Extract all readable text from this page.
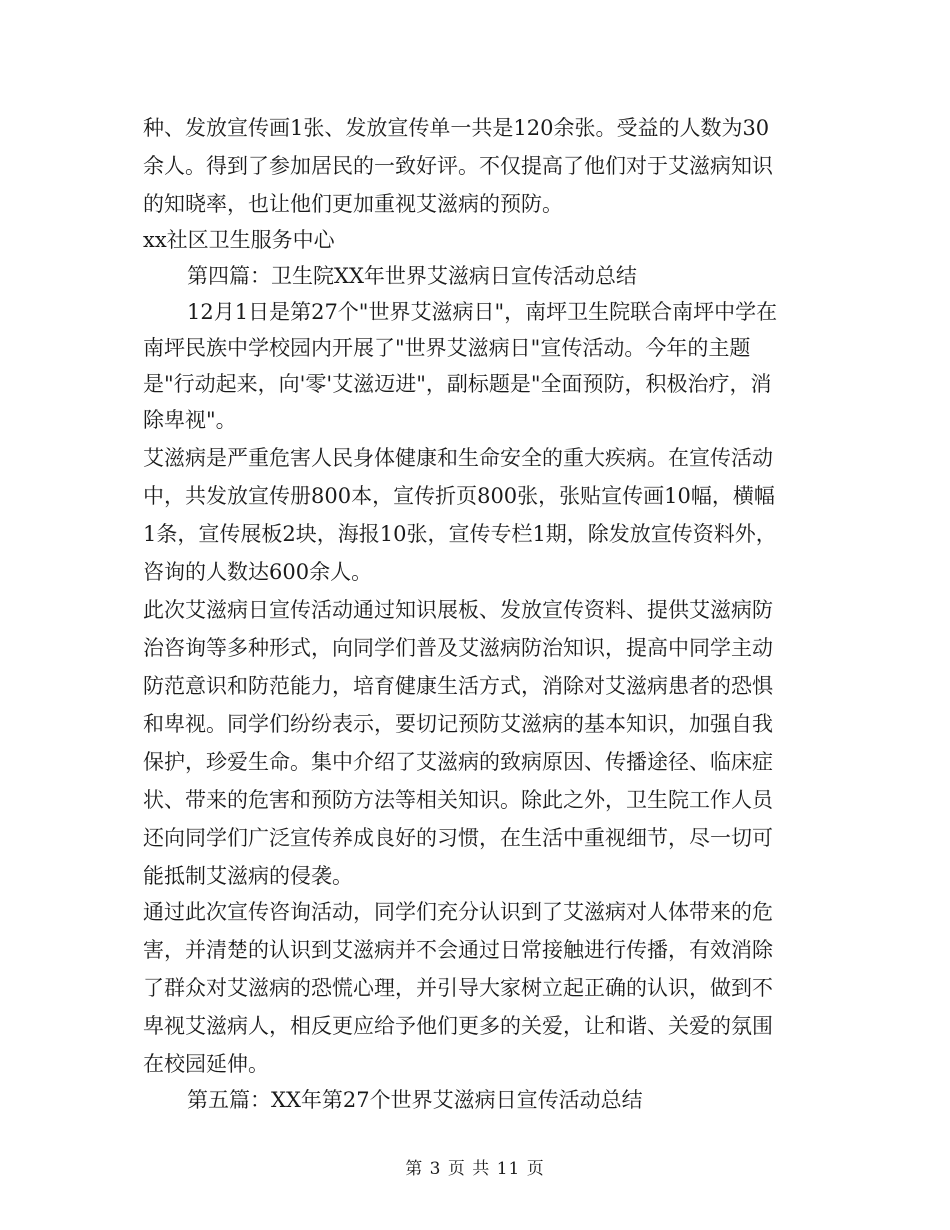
种、发放宣传画1张、发放宣传单一共是120余张。受益的人数为30
余人。得到了参加居民的一致好评。不仅提高了他们对于艾滋病知识
的知晓率，也让他们更加重视艾滋病的预防。
xx社区卫生服务中心
第四篇：卫生院XX年世界艾滋病日宣传活动总结
12月1日是第27个"世界艾滋病日"，南坪卫生院联合南坪中学在
南坪民族中学校园内开展了"世界艾滋病日"宣传活动。今年的主题
是"行动起来，向'零'艾滋迈进"，副标题是"全面预防，积极治疗，消
除卑视"。
艾滋病是严重危害人民身体健康和生命安全的重大疾病。在宣传活动
中，共发放宣传册800本，宣传折页800张，张贴宣传画10幅，横幅
1条，宣传展板2块，海报10张，宣传专栏1期，除发放宣传资料外，
咨询的人数达600余人。
此次艾滋病日宣传活动通过知识展板、发放宣传资料、提供艾滋病防
治咨询等多种形式，向同学们普及艾滋病防治知识，提高中同学主动
防范意识和防范能力，培育健康生活方式，消除对艾滋病患者的恐惧
和卑视。同学们纷纷表示，要切记预防艾滋病的基本知识，加强自我
保护，珍爱生命。集中介绍了艾滋病的致病原因、传播途径、临床症
状、带来的危害和预防方法等相关知识。除此之外，卫生院工作人员
还向同学们广泛宣传养成良好的习惯，在生活中重视细节，尽一切可
能抵制艾滋病的侵袭。
通过此次宣传咨询活动，同学们充分认识到了艾滋病对人体带来的危
害，并清楚的认识到艾滋病并不会通过日常接触进行传播，有效消除
了群众对艾滋病的恐慌心理，并引导大家树立起正确的认识，做到不
卑视艾滋病人，相反更应给予他们更多的关爱，让和谐、关爱的氛围
在校园延伸。
第五篇：XX年第27个世界艾滋病日宣传活动总结
第 3 页 共 11 页
